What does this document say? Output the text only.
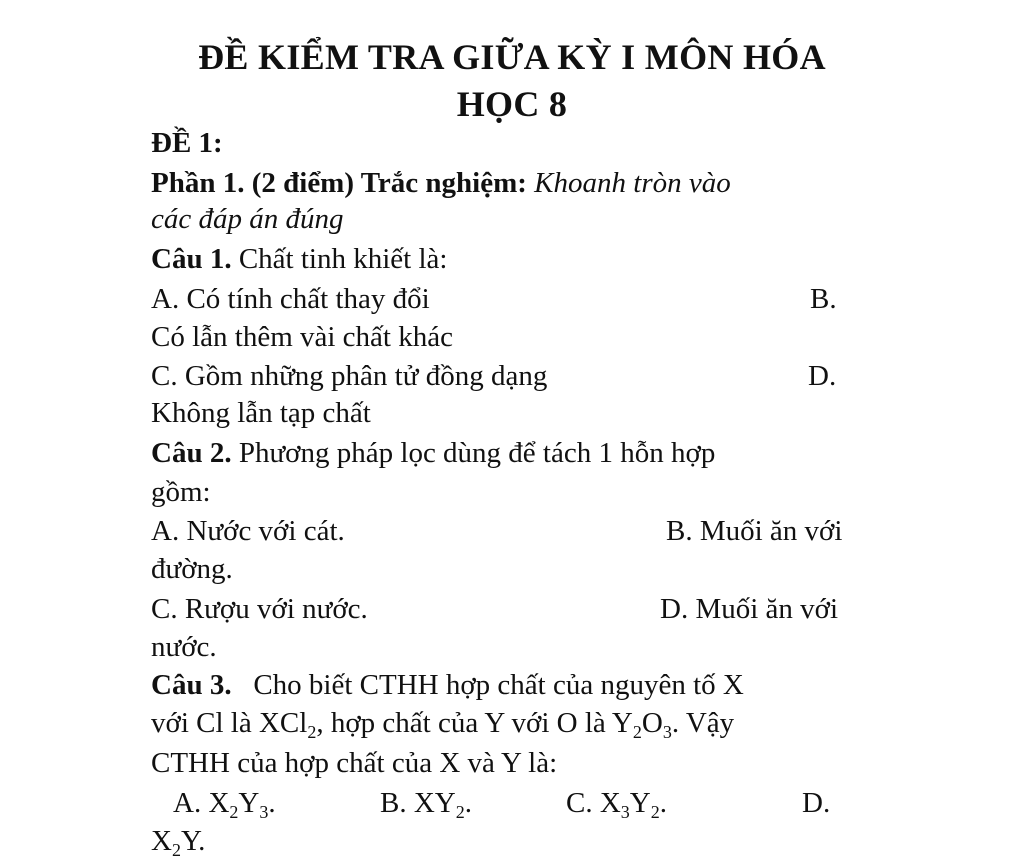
ĐỀ KIỂM TRA GIỮA KỲ I MÔN HÓA
HỌC 8
ĐỀ 1:
Phần 1. (2 điểm) Trắc nghiệm: Khoanh tròn vào
các đáp án đúng
Câu 1. Chất tinh khiết là:
A. Có tính chất thay đổi	B.
Có lẫn thêm vài chất khác
C. Gồm những phân tử đồng dạng	D.
Không lẫn tạp chất
Câu 2. Phương pháp lọc dùng để tách 1 hỗn hợp
gồm:
A. Nước với cát.	B. Muối ăn với
đường.
C. Rượu với nước.	D. Muối ăn với
nước.
Câu 3. Cho biết CTHH hợp chất của nguyên tố X
với Cl là XCl$_2$, hợp chất của Y với O là $Y_2O_3$. Vậy
CTHH của hợp chất của X và Y là:
A. $X_2Y_3$.	B. $XY_2$.	C. $X_3Y_2$.	D.
$X_2Y$.
